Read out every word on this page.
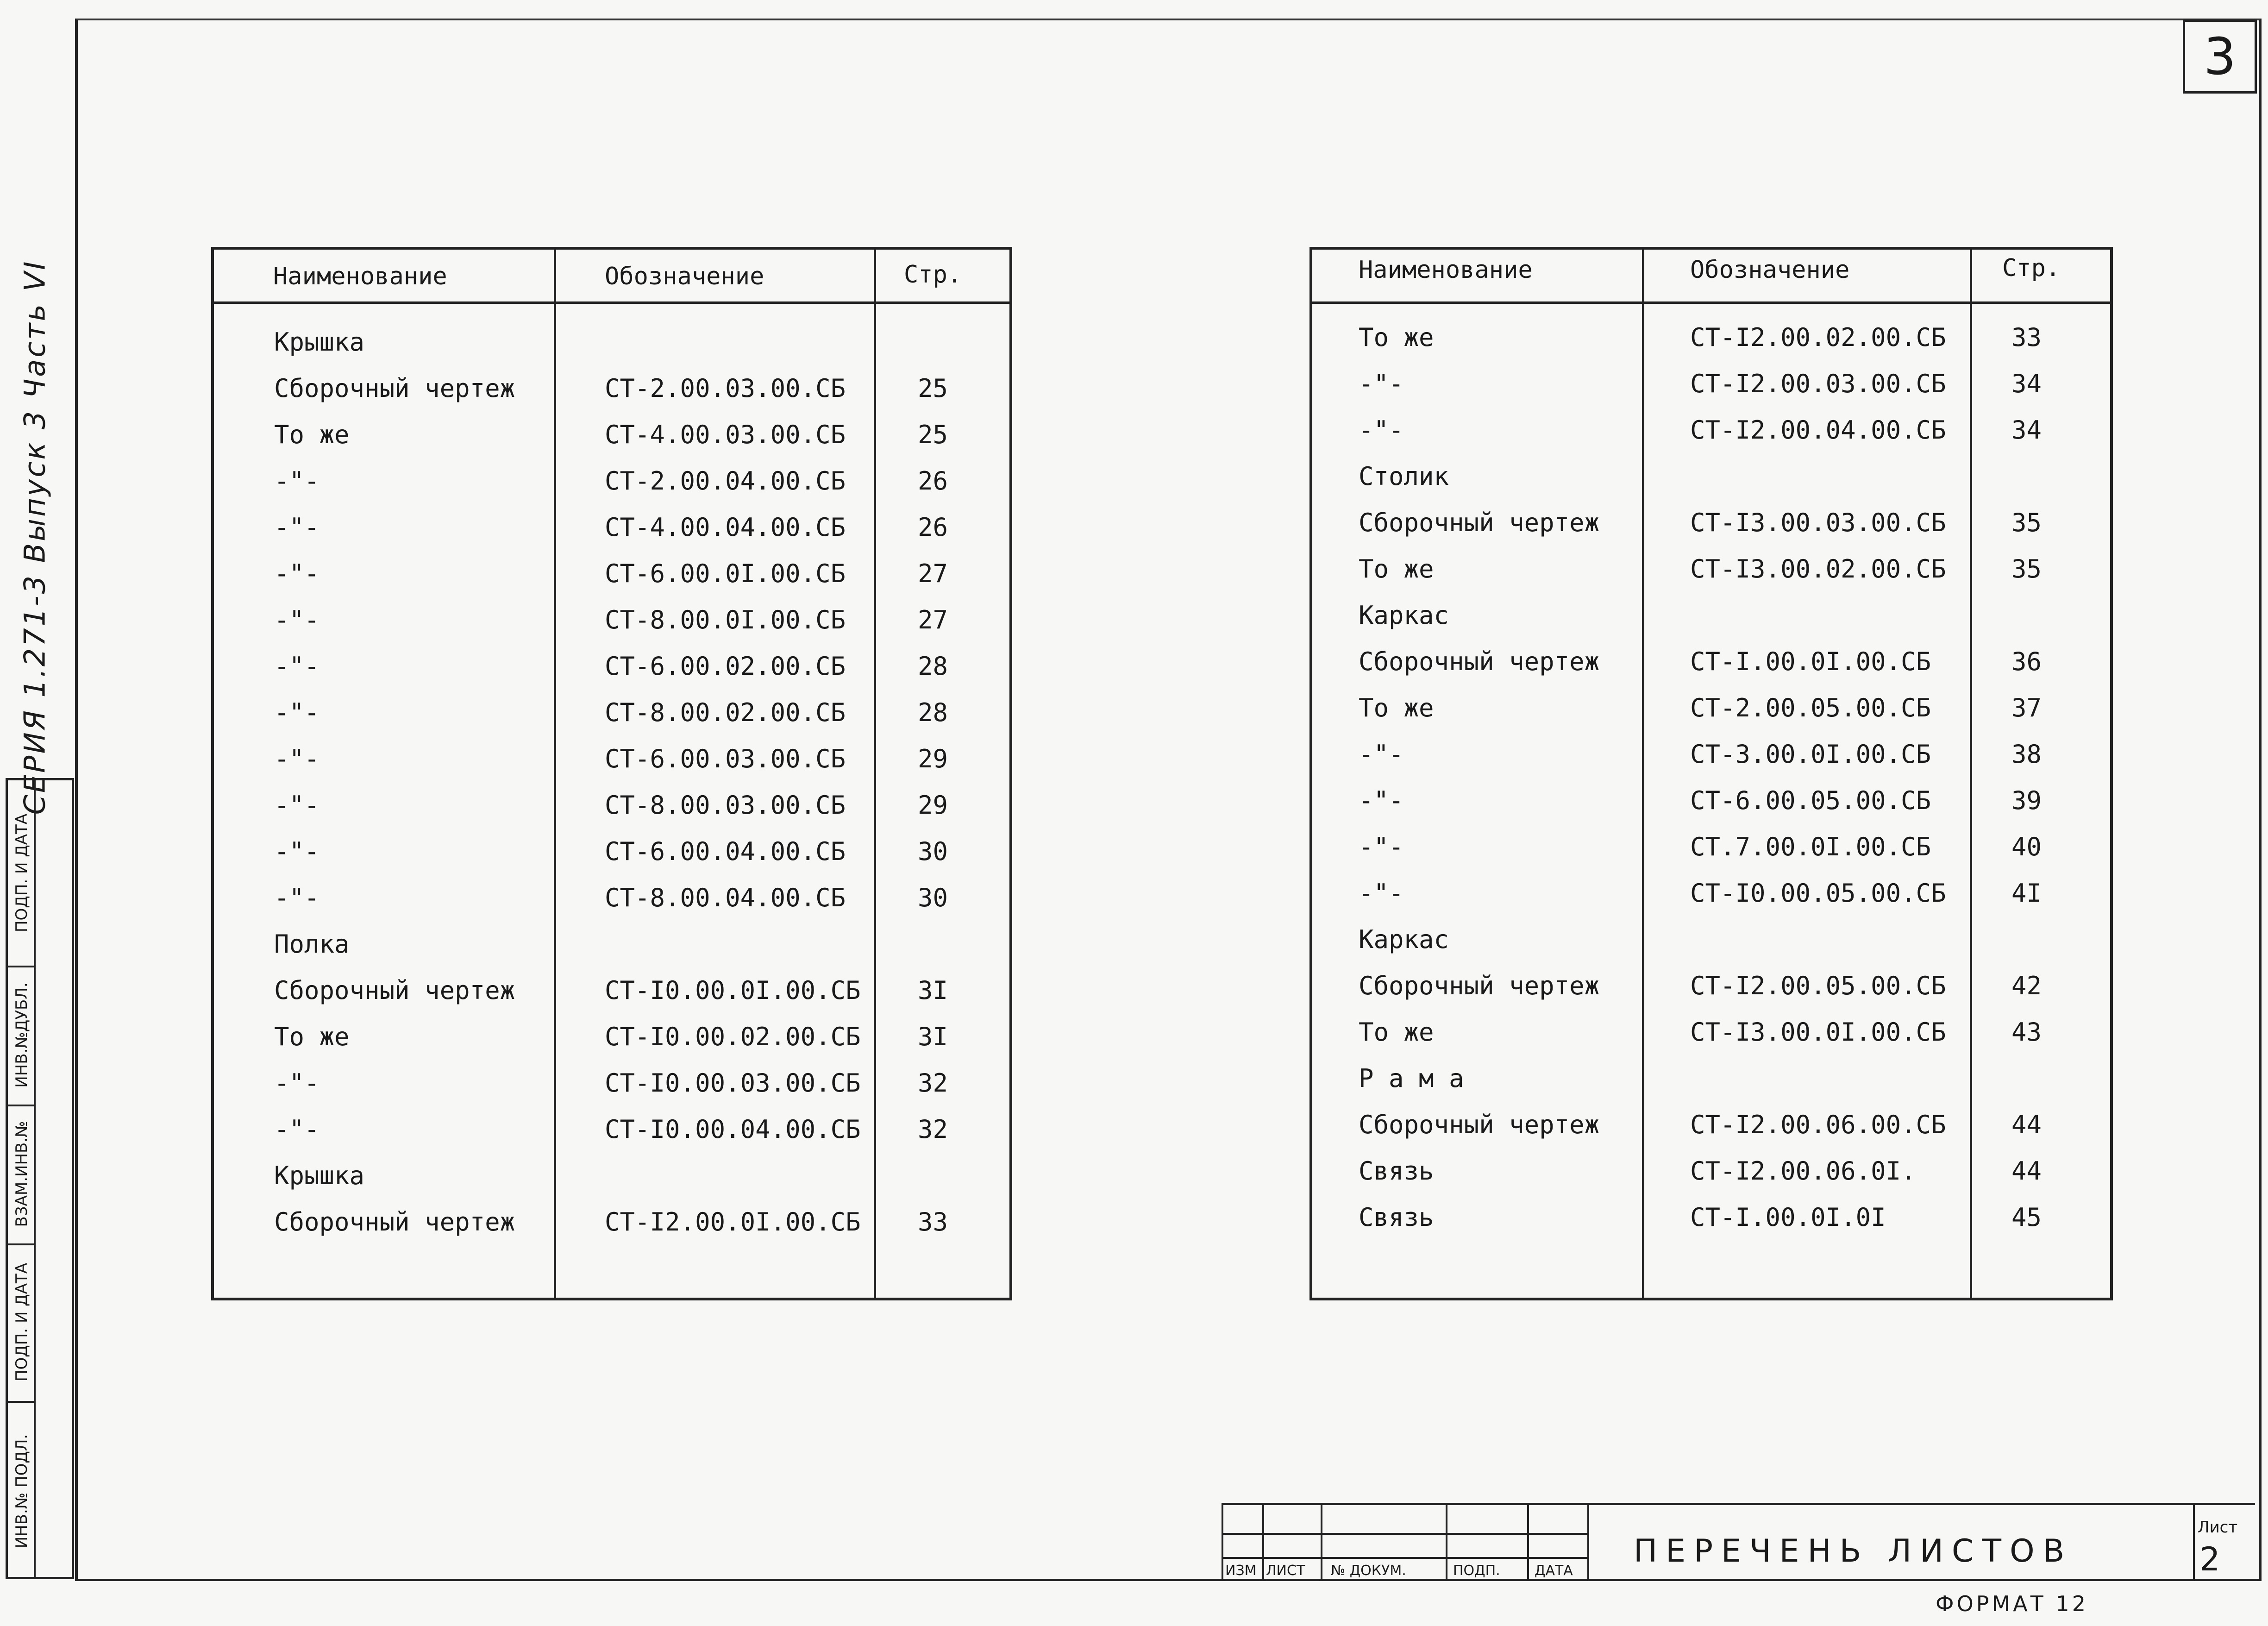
3
СЕРИЯ 1.271-3 Выпуск 3 Часть VI
ИНВ.№ ПОДЛ.
ПОДП. И ДАТА
ВЗАМ.ИНВ.№
ИНВ.№ДУБЛ.
ПОДП. И ДАТА
Наименование	Обозначение	Стр.
Крышка
Сборочный чертеж	СТ-2.00.03.00.СБ	25
То же	СТ-4.00.03.00.СБ	25
-"-	СТ-2.00.04.00.СБ	26
-"-	СТ-4.00.04.00.СБ	26
-"-	СТ-6.00.0I.00.СБ	27
-"-	СТ-8.00.0I.00.СБ	27
-"-	СТ-6.00.02.00.СБ	28
-"-	СТ-8.00.02.00.СБ	28
-"-	СТ-6.00.03.00.СБ	29
-"-	СТ-8.00.03.00.СБ	29
-"-	СТ-6.00.04.00.СБ	30
-"-	СТ-8.00.04.00.СБ	30
Полка
Сборочный чертеж	СТ-I0.00.0I.00.СБ 3I
То же	СТ-I0.00.02.00.СБ 3I
-"-	СТ-I0.00.03.00.СБ 32
-"-	СТ-I0.00.04.00.СБ 32
Крышка
Сборочный чертеж	СТ-I2.00.0I.00.СБ 33
Наименование	Обозначение	Стр.
То же	СТ-I2.00.02.00.СБ	33
-"-	СТ-I2.00.03.00.СБ	34
-"-	СТ-I2.00.04.00.СБ	34
Столик
Сборочный чертеж	СТ-I3.00.03.00.СБ	35
То же	СТ-I3.00.02.00.СБ	35
Каркас
Сборочный чертеж	СТ-I.00.0I.00.СБ	36
То же	СТ-2.00.05.00.СБ	37
-"-	СТ-3.00.0I.00.СБ	38
-"-	СТ-6.00.05.00.СБ	39
-"-	СТ.7.00.0I.00.СБ	40
-"-	СТ-I0.00.05.00.СБ	4I
Каркас
Сборочный чертеж	СТ-I2.00.05.00.СБ	42
То же	СТ-I3.00.0I.00.СБ	43
Р а м а
Сборочный чертеж	СТ-I2.00.06.00.СБ	44
Связь	СТ-I2.00.06.0I.	44
Связь	СТ-I.00.0I.0I	45
ИЗМ ЛИСТ № ДОКУМ.	ПОДП. ДАТА
ПЕРЕЧЕНЬ ЛИСТОВ
Лист
2
ФОРМАТ 12
